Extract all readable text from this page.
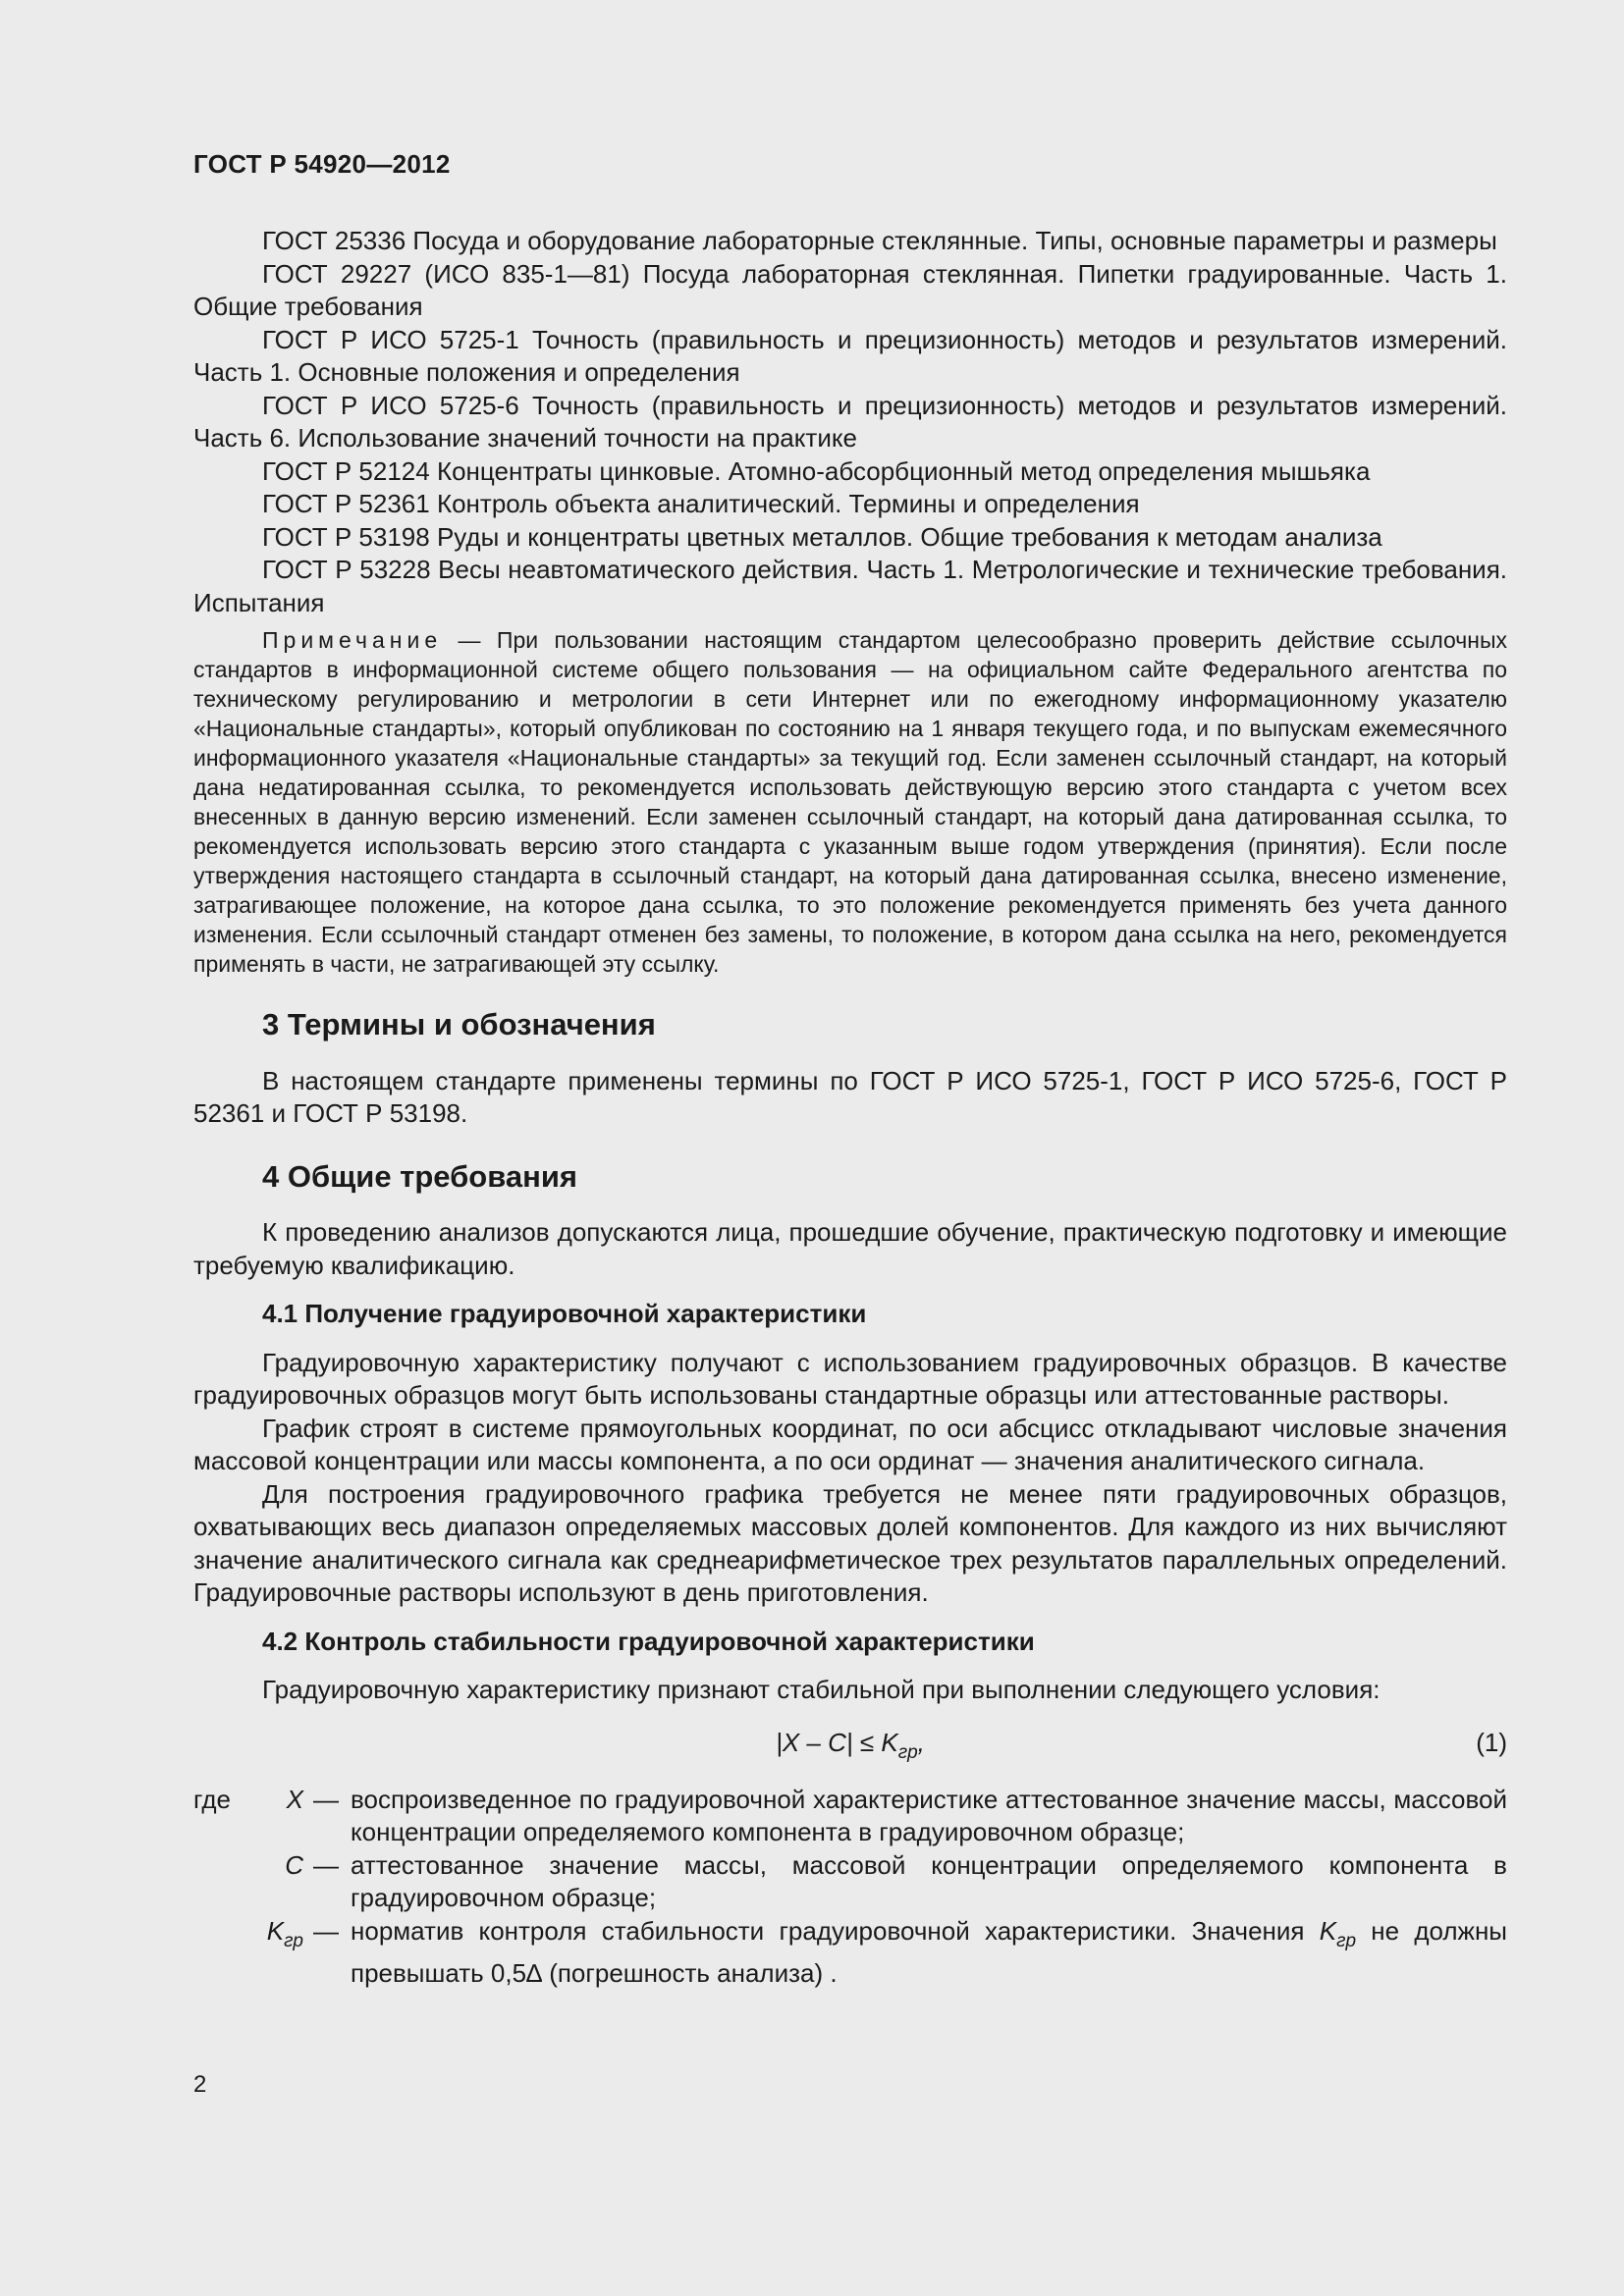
ГОСТ Р 54920—2012

ГОСТ 25336 Посуда и оборудование лабораторные стеклянные. Типы, основные параметры и размеры

ГОСТ 29227 (ИСО 835-1—81) Посуда лабораторная стеклянная. Пипетки градуированные. Часть 1. Общие требования

ГОСТ Р ИСО 5725-1 Точность (правильность и прецизионность) методов и результатов измерений. Часть 1. Основные положения и определения

ГОСТ Р ИСО 5725-6 Точность (правильность и прецизионность) методов и результатов измерений. Часть 6. Использование значений точности на практике

ГОСТ Р 52124 Концентраты цинковые. Атомно-абсорбционный метод определения мышьяка

ГОСТ Р 52361 Контроль объекта аналитический. Термины и определения

ГОСТ Р 53198 Руды и концентраты цветных металлов. Общие требования к методам анализа

ГОСТ Р 53228 Весы неавтоматического действия. Часть 1. Метрологические и технические требования. Испытания

Примечание — При пользовании настоящим стандартом целесообразно проверить действие ссылочных стандартов в информационной системе общего пользования — на официальном сайте Федерального агентства по техническому регулированию и метрологии в сети Интернет или по ежегодному информационному указателю «Национальные стандарты», который опубликован по состоянию на 1 января текущего года, и по выпускам ежемесячного информационного указателя «Национальные стандарты» за текущий год. Если заменен ссылочный стандарт, на который дана недатированная ссылка, то рекомендуется использовать действующую версию этого стандарта с учетом всех внесенных в данную версию изменений. Если заменен ссылочный стандарт, на который дана датированная ссылка, то рекомендуется использовать версию этого стандарта с указанным выше годом утверждения (принятия). Если после утверждения настоящего стандарта в ссылочный стандарт, на который дана датированная ссылка, внесено изменение, затрагивающее положение, на которое дана ссылка, то это положение рекомендуется применять без учета данного изменения. Если ссылочный стандарт отменен без замены, то положение, в котором дана ссылка на него, рекомендуется применять в части, не затрагивающей эту ссылку.

3 Термины и обозначения

В настоящем стандарте применены термины по ГОСТ Р ИСО 5725-1, ГОСТ Р ИСО 5725-6, ГОСТ Р 52361 и ГОСТ Р 53198.

4 Общие требования

К проведению анализов допускаются лица, прошедшие обучение, практическую подготовку и имеющие требуемую квалификацию.

4.1 Получение градуировочной характеристики

Градуировочную характеристику получают с использованием градуировочных образцов. В качестве градуировочных образцов могут быть использованы стандартные образцы или аттестованные растворы.

График строят в системе прямоугольных координат, по оси абсцисс откладывают числовые значения массовой концентрации или массы компонента, а по оси ординат — значения аналитического сигнала.

Для построения градуировочного графика требуется не менее пяти градуировочных образцов, охватывающих весь диапазон определяемых массовых долей компонентов. Для каждого из них вычисляют значение аналитического сигнала как среднеарифметическое трех результатов параллельных определений. Градуировочные растворы используют в день приготовления.

4.2 Контроль стабильности градуировочной характеристики

Градуировочную характеристику признают стабильной при выполнении следующего условия:

$|X - C| \le K_{гр}$,	(1)
где	X — воспроизведенное по градуировочной характеристике аттестованное значение массы, массовой концентрации определяемого компонента в градуировочном образце;
C — аттестованное значение массы, массовой концентрации определяемого компонента в градуировочном образце;
$K_{гр}$ — норматив контроля стабильности градуировочной характеристики. Значения $K_{гр}$ не должны превышать 0,5∆ (погрешность анализа) .
2
